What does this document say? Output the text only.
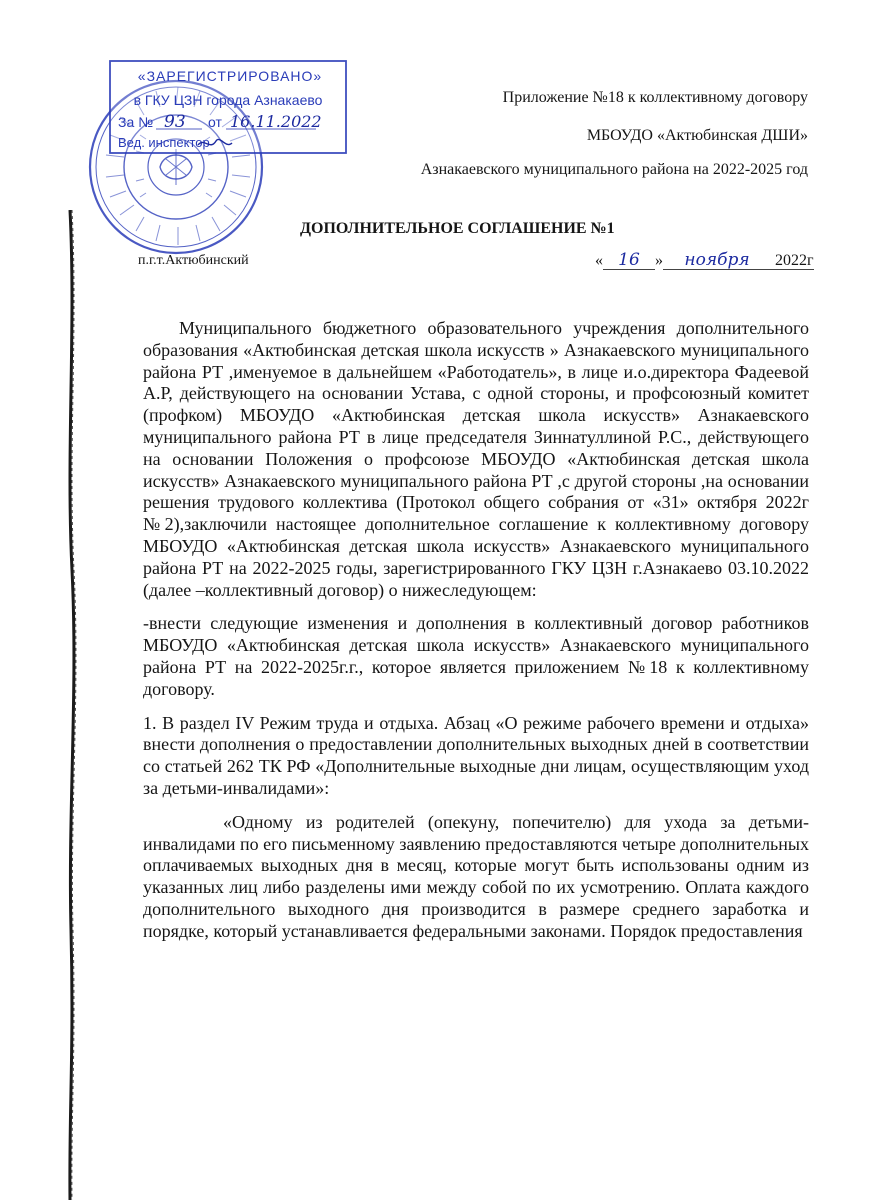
«ЗАРЕГИСТРИРОВАНО»
в ГКУ ЦЗН города Азнакаево
За № 93 от 16.11.2022
Вед. инспектор

Приложение №18 к коллективному договору

МБОУДО «Актюбинская ДШИ»

Азнакаевского муниципального района на 2022-2025 год

ДОПОЛНИТЕЛЬНОЕ СОГЛАШЕНИЕ №1
п.г.т.Актюбинский	« 16 » ноября 2022г

Муниципального бюджетного образовательного учреждения дополнительного образования «Актюбинская детская школа искусств » Азнакаевского муниципального района РТ ,именуемое в дальнейшем «Работодатель», в лице и.о.директора Фадеевой А.Р, действующего на основании Устава, с одной стороны, и профсоюзный комитет (профком) МБОУДО «Актюбинская детская школа искусств» Азнакаевского муниципального района РТ в лице председателя Зиннатуллиной Р.С., действующего на основании Положения о профсоюзе МБОУДО «Актюбинская детская школа искусств» Азнакаевского муниципального района РТ ,с другой стороны ,на основании решения трудового коллектива (Протокол общего собрания от «31» октября 2022г №2),заключили настоящее дополнительное соглашение к коллективному договору МБОУДО «Актюбинская детская школа искусств» Азнакаевского муниципального района РТ на 2022-2025 годы, зарегистрированного ГКУ ЦЗН г.Азнакаево 03.10.2022 (далее –коллективный договор) о нижеследующем:

-внести следующие изменения и дополнения в коллективный договор работников МБОУДО «Актюбинская детская школа искусств» Азнакаевского муниципального района РТ на 2022-2025г.г., которое является приложением №18 к коллективному договору.

1. В раздел IV Режим труда и отдыха. Абзац «О режиме рабочего времени и отдыха» внести дополнения о предоставлении дополнительных выходных дней в соответствии со статьей 262 ТК РФ «Дополнительные выходные дни лицам, осуществляющим уход за детьми-инвалидами»:

«Одному из родителей (опекуну, попечителю) для ухода за детьми-инвалидами по его письменному заявлению предоставляются четыре дополнительных оплачиваемых выходных дня в месяц, которые могут быть использованы одним из указанных лиц либо разделены ими между собой по их усмотрению. Оплата каждого дополнительного выходного дня производится в размере среднего заработка и порядке, который устанавливается федеральными законами. Порядок предоставления
